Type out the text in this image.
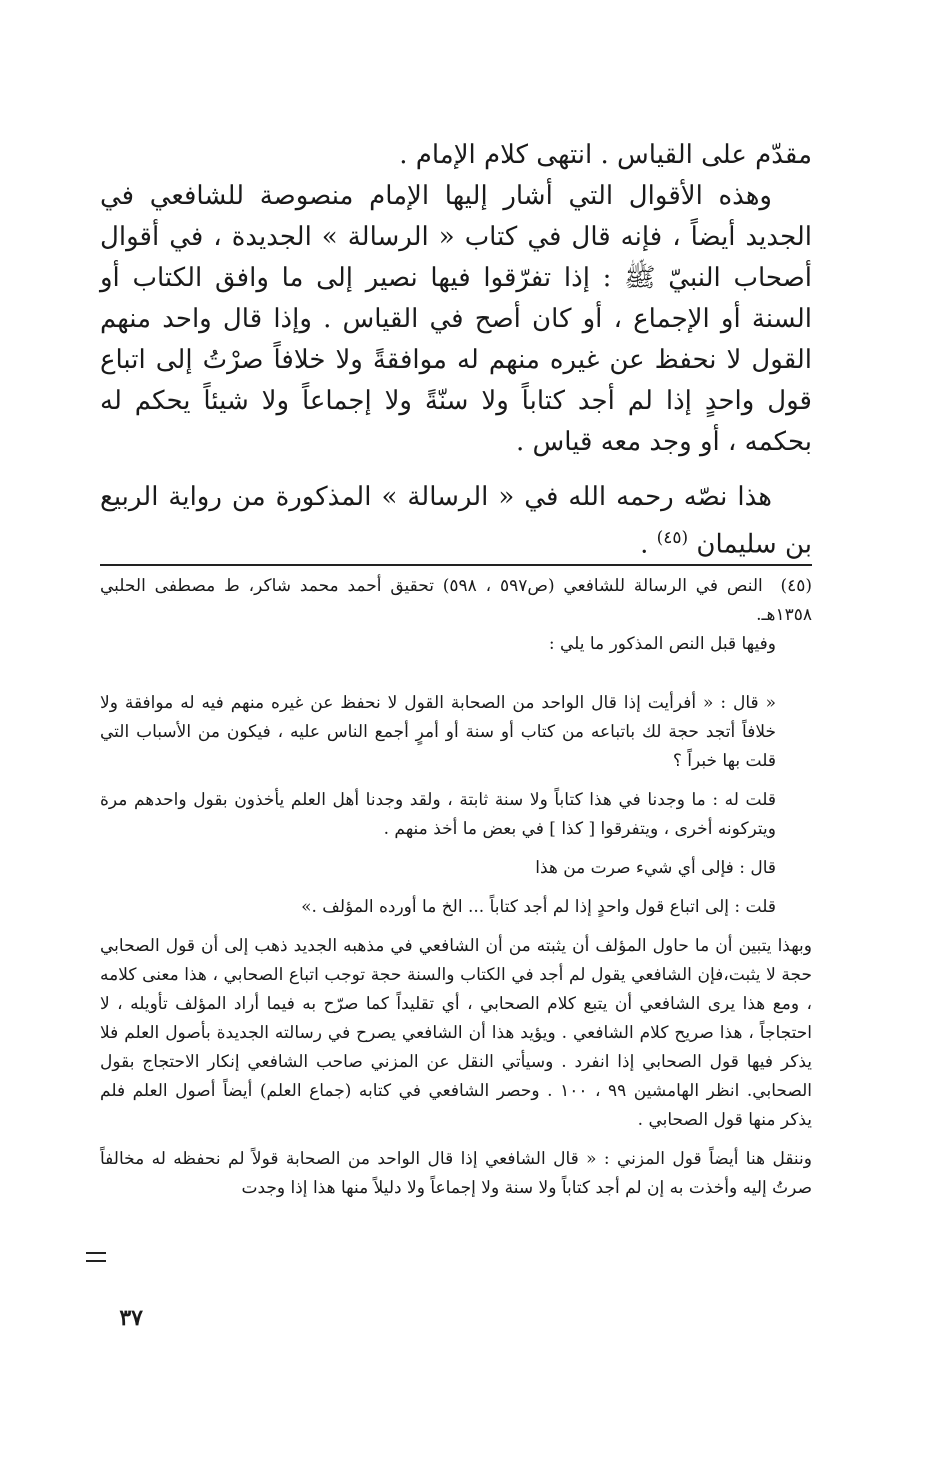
مقدّم على القياس . انتهى كلام الإمام .

وهذه الأقوال التي أشار إليها الإمام منصوصة للشافعي في الجديد أيضاً ، فإنه قال في كتاب « الرسالة » الجديدة ، في أقوال أصحاب النبيّ ﷺ : إذا تفرّقوا فيها نصير إلى ما وافق الكتاب أو السنة أو الإجماع ، أو كان أصح في القياس . وإذا قال واحد منهم القول لا نحفظ عن غيره منهم له موافقةً ولا خلافاً صرْتُ إلى اتباع قول واحدٍ إذا لم أجد كتاباً ولا سنّةً ولا إجماعاً ولا شيئاً يحكم له بحكمه ، أو وجد معه قياس .

هذا نصّه رحمه الله في « الرسالة » المذكورة من رواية الربيع بن سليمان $^{(٤٥)}$ .

(٤٥)  النص في الرسالة للشافعي (ص٥٩٧ ، ٥٩٨) تحقيق أحمد محمد شاكر، ط مصطفى الحلبي ١٣٥٨هـ.

وفيها قبل النص المذكور ما يلي :

« قال : « أفرأيت إذا قال الواحد من الصحابة القول لا نحفظ عن غيره منهم فيه له موافقة ولا خلافاً أتجد حجة لك باتباعه من كتاب أو سنة أو أمرٍ أجمع الناس عليه ، فيكون من الأسباب التي قلت بها خبراً ؟

قلت له : ما وجدنا في هذا كتاباً ولا سنة ثابتة ، ولقد وجدنا أهل العلم يأخذون بقول واحدهم مرة ويتركونه أخرى ، ويتفرقوا [ كذا ] في بعض ما أخذ منهم .

قال : فإلى أي شيء صرت من هذا

قلت : إلى اتباع قول واحدٍ إذا لم أجد كتاباً ... الخ ما أورده المؤلف .»

وبهذا يتبين أن ما حاول المؤلف أن يثبته من أن الشافعي في مذهبه الجديد ذهب إلى أن قول الصحابي حجة لا يثبت،فإن الشافعي يقول لم أجد في الكتاب والسنة حجة توجب اتباع الصحابي ، هذا معنى كلامه ، ومع هذا يرى الشافعي أن يتبع كلام الصحابي ، أي تقليداً كما صرّح به فيما أراد المؤلف تأويله ، لا احتجاجاً ، هذا صريح كلام الشافعي . ويؤيد هذا أن الشافعي يصرح في رسالته الجديدة بأصول العلم فلا يذكر فيها قول الصحابي إذا انفرد . وسيأتي النقل عن المزني صاحب الشافعي إنكار الاحتجاج بقول الصحابي. انظر الهامشين ٩٩ ، ١٠٠ . وحصر الشافعي في كتابه (جماع العلم) أيضاً أصول العلم فلم يذكر منها قول الصحابي .

وننقل هنا أيضاً قول المزني : « قال الشافعي إذا قال الواحد من الصحابة قولاً لم نحفظه له مخالفاً صرتُ إليه وأخذت به إن لم أجد كتاباً ولا سنة ولا إجماعاً ولا دليلاً منها هذا إذا وجدت

٣٧
